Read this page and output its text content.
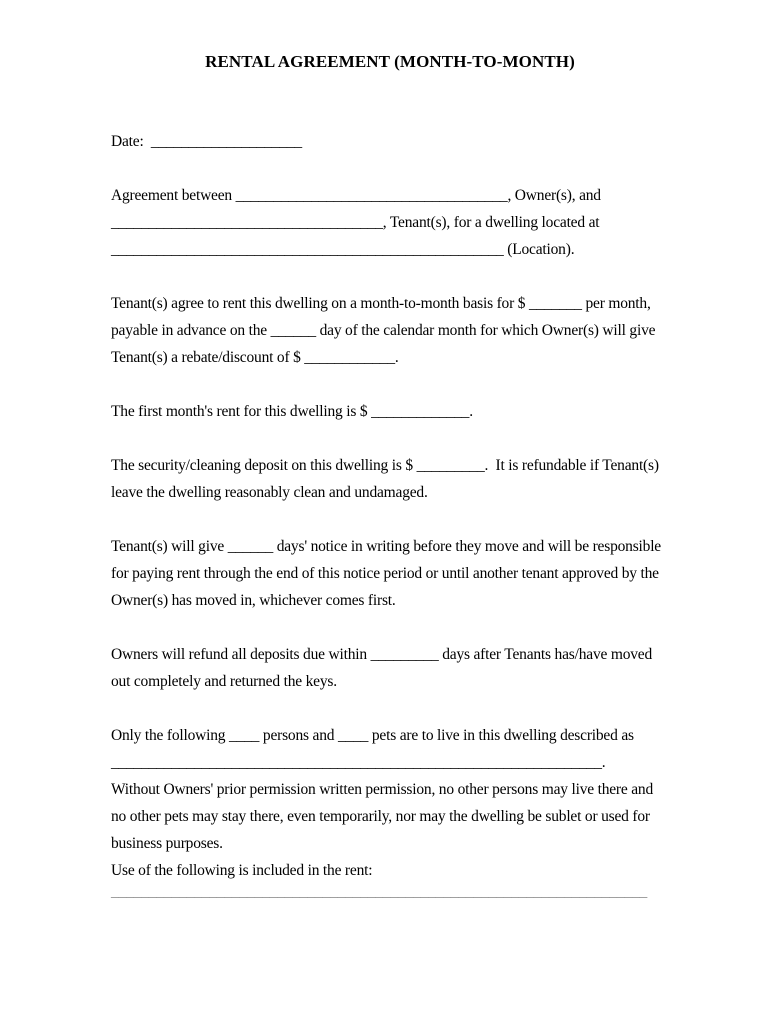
RENTAL AGREEMENT (MONTH-TO-MONTH)
Date:  ____________________
Agreement between ____________________________________, Owner(s), and
____________________________________, Tenant(s), for a dwelling located at
____________________________________________________ (Location).
Tenant(s) agree to rent this dwelling on a month-to-month basis for $ _______ per month,
payable in advance on the ______ day of the calendar month for which Owner(s) will give
Tenant(s) a rebate/discount of $ ____________.
The first month's rent for this dwelling is $ _____________.
The security/cleaning deposit on this dwelling is $ _________.  It is refundable if Tenant(s)
leave the dwelling reasonably clean and undamaged.
Tenant(s) will give ______ days' notice in writing before they move and will be responsible
for paying rent through the end of this notice period or until another tenant approved by the
Owner(s) has moved in, whichever comes first.
Owners will refund all deposits due within _________ days after Tenants has/have moved
out completely and returned the keys.
Only the following ____ persons and ____ pets are to live in this dwelling described as
_________________________________________________________________.
Without Owners' prior permission written permission, no other persons may live there and
no other pets may stay there, even temporarily, nor may the dwelling be sublet or used for
business purposes.
Use of the following is included in the rent:
_______________________________________________________________________
